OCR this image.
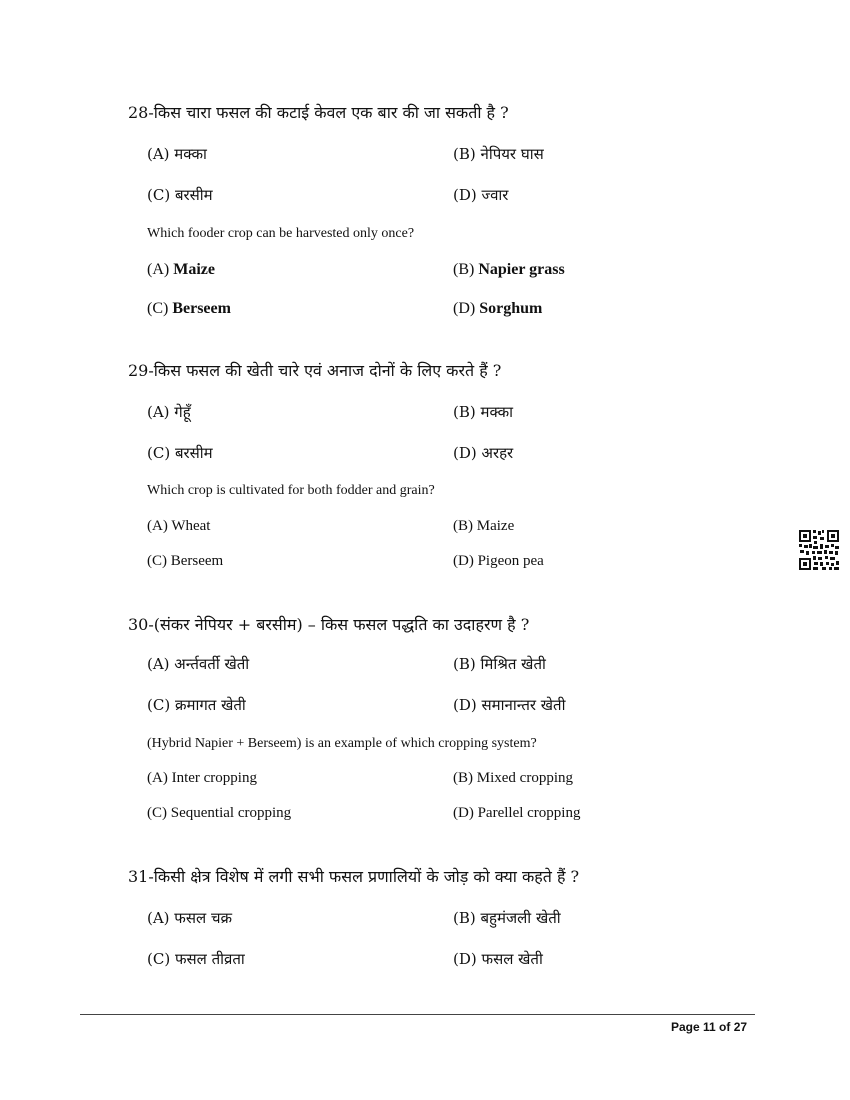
28-किस चारा फसल की कटाई केवल एक बार की जा सकती है ?
(A) मक्का	(B) नेपियर घास
(C) बरसीम	(D) ज्वार
Which fooder crop can be harvested only once?
(A) Maize	(B) Napier grass
(C) Berseem	(D) Sorghum
29-किस फसल की खेती चारे एवं अनाज दोनों के लिए करते हैं ?
(A) गेहूँ	(B) मक्का
(C) बरसीम	(D) अरहर
Which crop is cultivated for both fodder and grain?
(A) Wheat	(B) Maize
(C) Berseem	(D) Pigeon pea
30-(संकर नेपियर + बरसीम) – किस फसल पद्धति का उदाहरण है ?
(A) अर्न्तवर्ती खेती	(B) मिश्रित खेती
(C) क्रमागत खेती	(D) समानान्तर खेती
(Hybrid Napier + Berseem) is an example of which cropping system?
(A) Inter cropping	(B) Mixed cropping
(C) Sequential cropping	(D) Parellel cropping
31-किसी क्षेत्र विशेष में लगी सभी फसल प्रणालियों के जोड़ को क्या कहते हैं ?
(A) फसल चक्र	(B) बहुमंजली खेती
(C) फसल तीव्रता	(D) फसल खेती
Page 11 of 27
